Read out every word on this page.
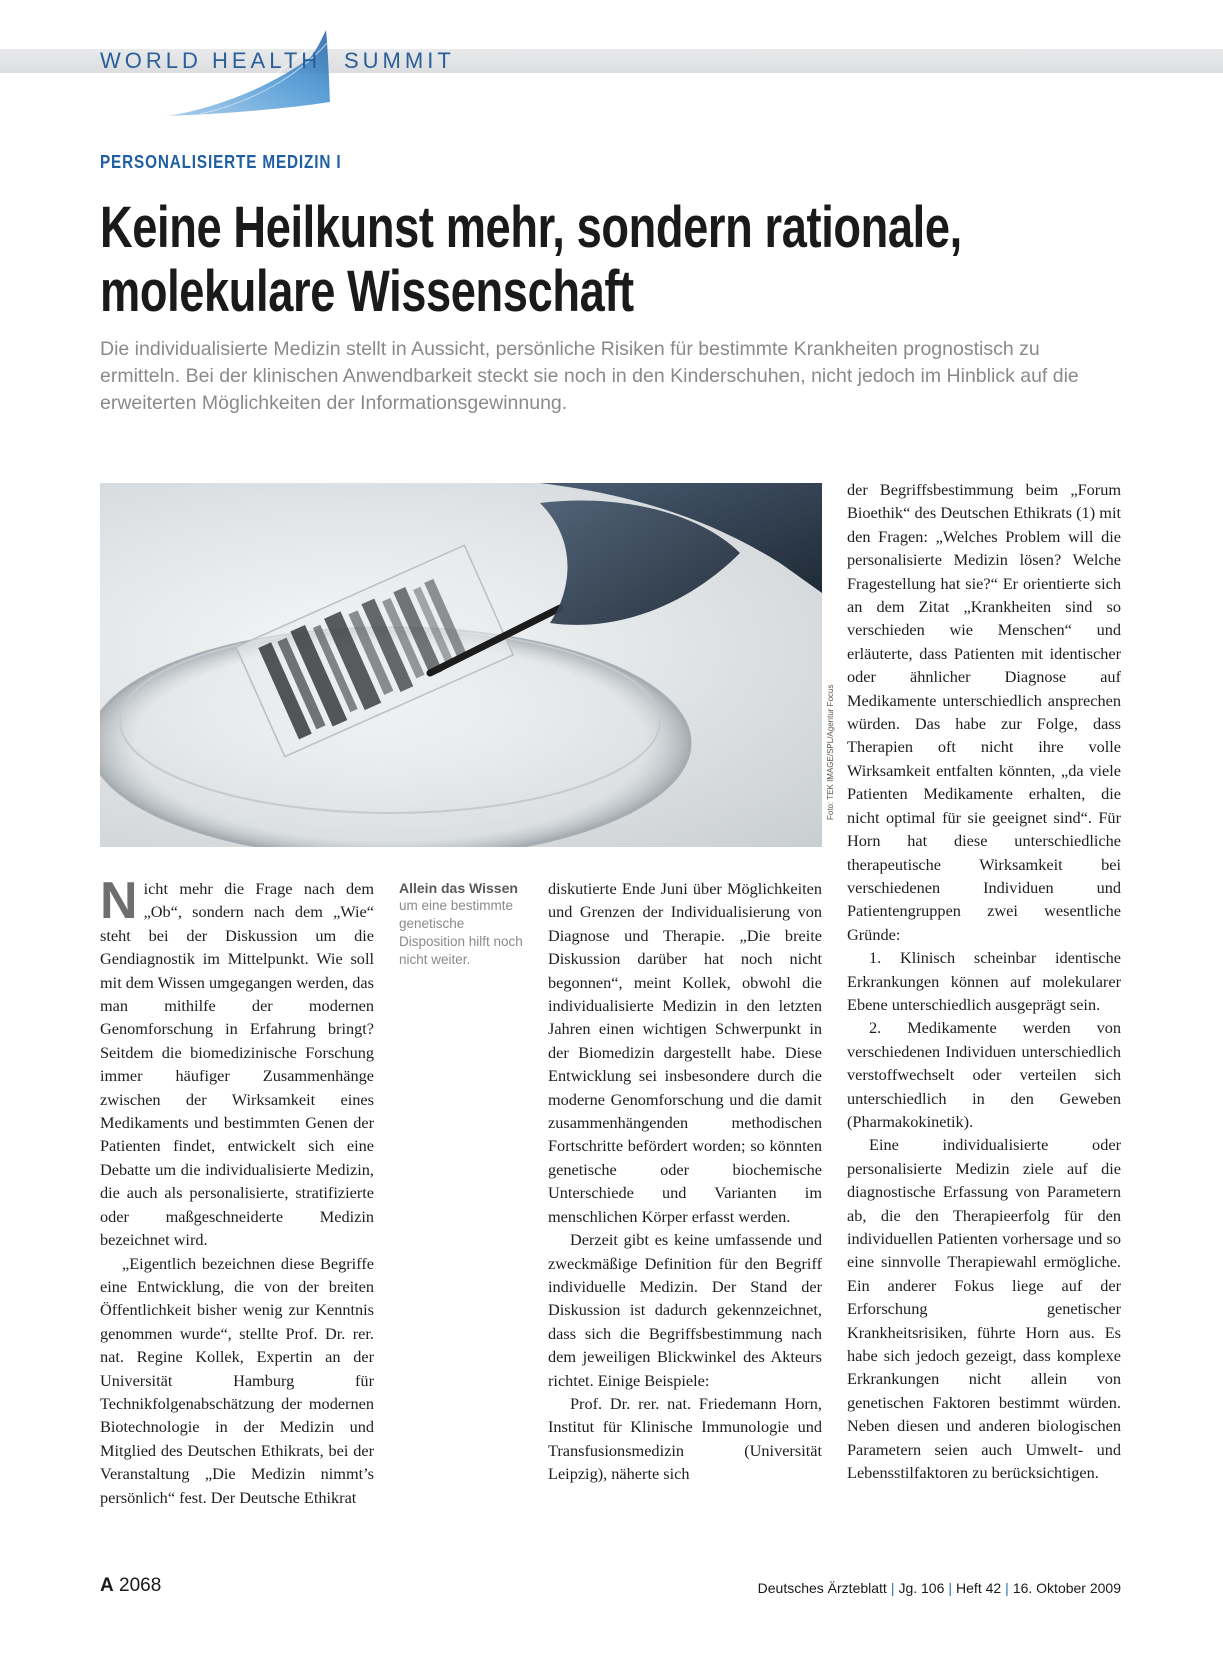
WORLD HEALTH SUMMIT
PERSONALISIERTE MEDIZIN I
Keine Heilkunst mehr, sondern rationale,
molekulare Wissenschaft

Die individualisierte Medizin stellt in Aussicht, persönliche Risiken für bestimmte Krankheiten prognostisch zu ermitteln. Bei der klinischen Anwendbarkeit steckt sie noch in den Kinderschuhen, nicht jedoch im Hinblick auf die erweiterten Möglichkeiten der Informationsgewinnung.

Foto: TEK IMAGE/SPL/Agentur Focus

Nicht mehr die Frage nach dem „Ob“, sondern nach dem „Wie“ steht bei der Diskussion um die Gendiagnostik im Mittelpunkt. Wie soll mit dem Wissen umgegangen werden, das man mithilfe der modernen Genomforschung in Erfahrung bringt? Seitdem die biomedizinische Forschung immer häufiger Zusammenhänge zwischen der Wirksamkeit eines Medikaments und bestimmten Genen der Patienten findet, entwickelt sich eine Debatte um die individualisierte Medizin, die auch als personalisierte, stratifizierte oder maßgeschneiderte Medizin bezeichnet wird.

„Eigentlich bezeichnen diese Begriffe eine Entwicklung, die von der breiten Öffentlichkeit bisher wenig zur Kenntnis genommen wurde“, stellte Prof. Dr. rer. nat. Regine Kollek, Expertin an der Universität Hamburg für Technikfolgenabschätzung der modernen Biotechnologie in der Medizin und Mitglied des Deutschen Ethikrats, bei der Veranstaltung „Die Medizin nimmt’s persönlich“ fest. Der Deutsche Ethikrat

Allein das Wissen
um eine bestimmte genetische Disposition hilft noch nicht weiter.

diskutierte Ende Juni über Möglichkeiten und Grenzen der Individualisierung von Diagnose und Therapie. „Die breite Diskussion darüber hat noch nicht begonnen“, meint Kollek, obwohl die individualisierte Medizin in den letzten Jahren einen wichtigen Schwerpunkt in der Biomedizin dargestellt habe. Diese Entwicklung sei insbesondere durch die moderne Genomforschung und die damit zusammenhängenden methodischen Fortschritte befördert worden; so könnten genetische oder biochemische Unterschiede und Varianten im menschlichen Körper erfasst werden.

Derzeit gibt es keine umfassende und zweckmäßige Definition für den Begriff individuelle Medizin. Der Stand der Diskussion ist dadurch gekennzeichnet, dass sich die Begriffsbestimmung nach dem jeweiligen Blickwinkel des Akteurs richtet. Einige Beispiele:

Prof. Dr. rer. nat. Friedemann Horn, Institut für Klinische Immunologie und Transfusionsmedizin (Universität Leipzig), näherte sich

der Begriffsbestimmung beim „Forum Bioethik“ des Deutschen Ethikrats (1) mit den Fragen: „Welches Problem will die personalisierte Medizin lösen? Welche Fragestellung hat sie?“ Er orientierte sich an dem Zitat „Krankheiten sind so verschieden wie Menschen“ und erläuterte, dass Patienten mit identischer oder ähnlicher Diagnose auf Medikamente unterschiedlich ansprechen würden. Das habe zur Folge, dass Therapien oft nicht ihre volle Wirksamkeit entfalten könnten, „da viele Patienten Medikamente erhalten, die nicht optimal für sie geeignet sind“. Für Horn hat diese unterschiedliche therapeutische Wirksamkeit bei verschiedenen Individuen und Patientengruppen zwei wesentliche Gründe:

1. Klinisch scheinbar identische Erkrankungen können auf molekularer Ebene unterschiedlich ausgeprägt sein.

2. Medikamente werden von verschiedenen Individuen unterschiedlich verstoffwechselt oder verteilen sich unterschiedlich in den Geweben (Pharmakokinetik).

Eine individualisierte oder personalisierte Medizin ziele auf die diagnostische Erfassung von Parametern ab, die den Therapieerfolg für den individuellen Patienten vorhersage und so eine sinnvolle Therapiewahl ermögliche. Ein anderer Fokus liege auf der Erforschung genetischer Krankheitsrisiken, führte Horn aus. Es habe sich jedoch gezeigt, dass komplexe Erkrankungen nicht allein von genetischen Faktoren bestimmt würden. Neben diesen und anderen biologischen Parametern seien auch Umwelt- und Lebensstilfaktoren zu berücksichtigen.

A 2068	Deutsches Ärzteblatt | Jg. 106 | Heft 42 | 16. Oktober 2009
